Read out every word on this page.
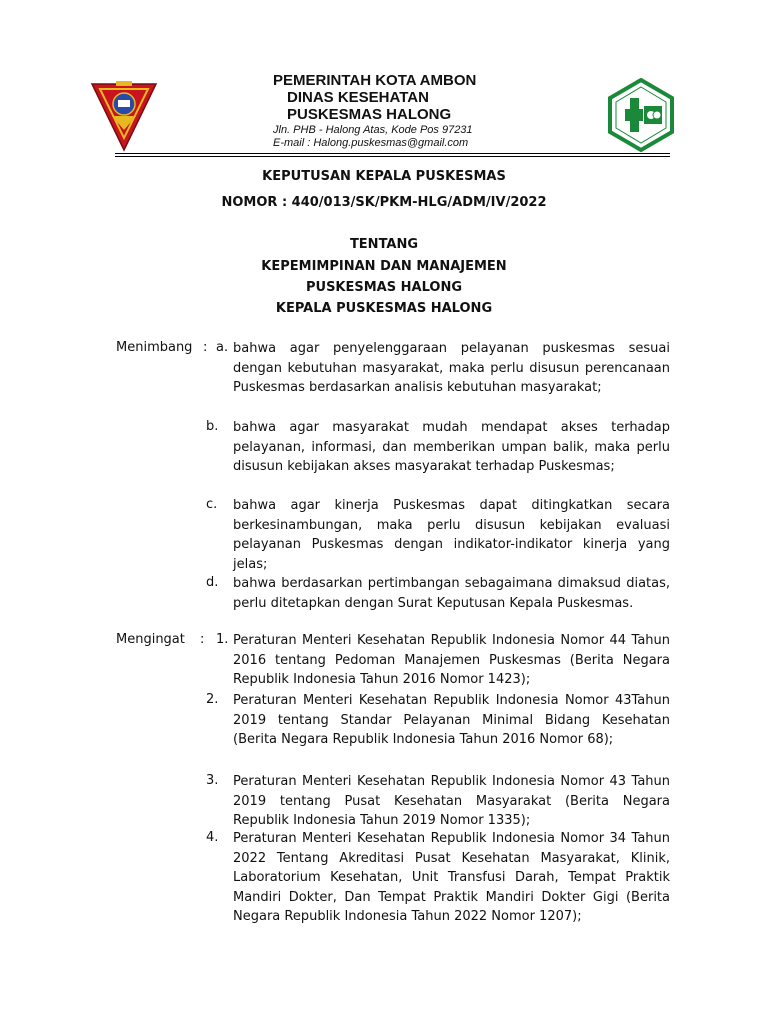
PEMERINTAH KOTA AMBON
DINAS KESEHATAN
PUSKESMAS HALONG
Jln. PHB - Halong Atas, Kode Pos 97231
E-mail : Halong.puskesmas@gmail.com
KEPUTUSAN KEPALA PUSKESMAS
NOMOR : 440/013/SK/PKM-HLG/ADM/IV/2022
TENTANG
KEPEMIMPINAN DAN MANAJEMEN
PUSKESMAS HALONG
KEPALA PUSKESMAS HALONG
Menimbang : a. bahwa agar penyelenggaraan pelayanan puskesmas sesuai dengan kebutuhan masyarakat, maka perlu disusun perencanaan Puskesmas berdasarkan analisis kebutuhan masyarakat;
b. bahwa agar masyarakat mudah mendapat akses terhadap pelayanan, informasi, dan memberikan umpan balik, maka perlu disusun kebijakan akses masyarakat terhadap Puskesmas;
c. bahwa agar kinerja Puskesmas dapat ditingkatkan secara berkesinambungan, maka perlu disusun kebijakan evaluasi pelayanan Puskesmas dengan indikator-indikator kinerja yang jelas;
d. bahwa berdasarkan pertimbangan sebagaimana dimaksud diatas, perlu ditetapkan dengan Surat Keputusan Kepala Puskesmas.
Mengingat : 1. Peraturan Menteri Kesehatan Republik Indonesia Nomor 44 Tahun 2016 tentang Pedoman Manajemen Puskesmas (Berita Negara Republik Indonesia Tahun 2016 Nomor 1423);
2. Peraturan Menteri Kesehatan Republik Indonesia Nomor 43Tahun 2019 tentang Standar Pelayanan Minimal Bidang Kesehatan (Berita Negara Republik Indonesia Tahun 2016 Nomor 68);
3. Peraturan Menteri Kesehatan Republik Indonesia Nomor 43 Tahun 2019 tentang Pusat Kesehatan Masyarakat (Berita Negara Republik Indonesia Tahun 2019 Nomor 1335);
4. Peraturan Menteri Kesehatan Republik Indonesia Nomor 34 Tahun 2022 Tentang Akreditasi Pusat Kesehatan Masyarakat, Klinik, Laboratorium Kesehatan, Unit Transfusi Darah, Tempat Praktik Mandiri Dokter, Dan Tempat Praktik Mandiri Dokter Gigi (Berita Negara Republik Indonesia Tahun 2022 Nomor 1207);
